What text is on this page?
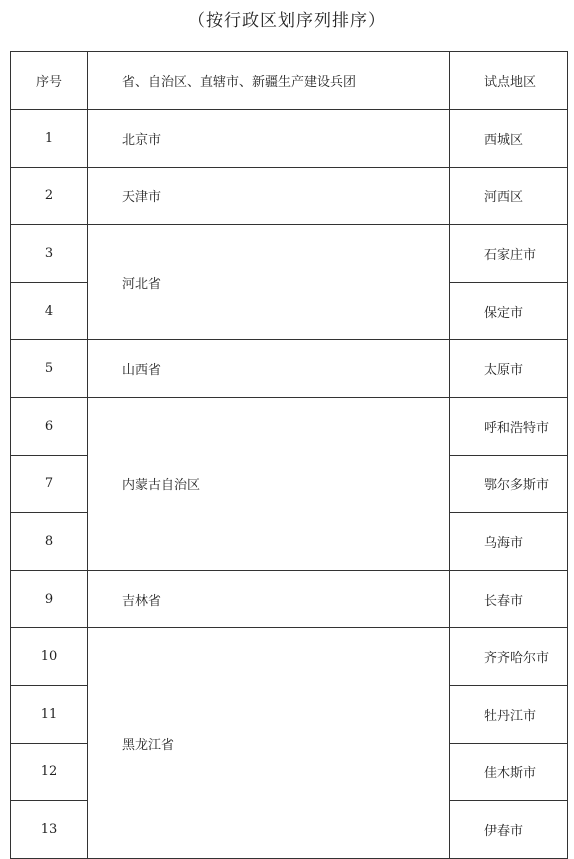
（按行政区划序列排序）
序号	省、自治区、直辖市、新疆生产建设兵团	试点地区
1	北京市	西城区
2	天津市	河西区
3	河北省	石家庄市
4		保定市
5	山西省	太原市
6	内蒙古自治区	呼和浩特市
7		鄂尔多斯市
8		乌海市
9	吉林省	长春市
10	黑龙江省	齐齐哈尔市
11		牡丹江市
12		佳木斯市
13		伊春市
